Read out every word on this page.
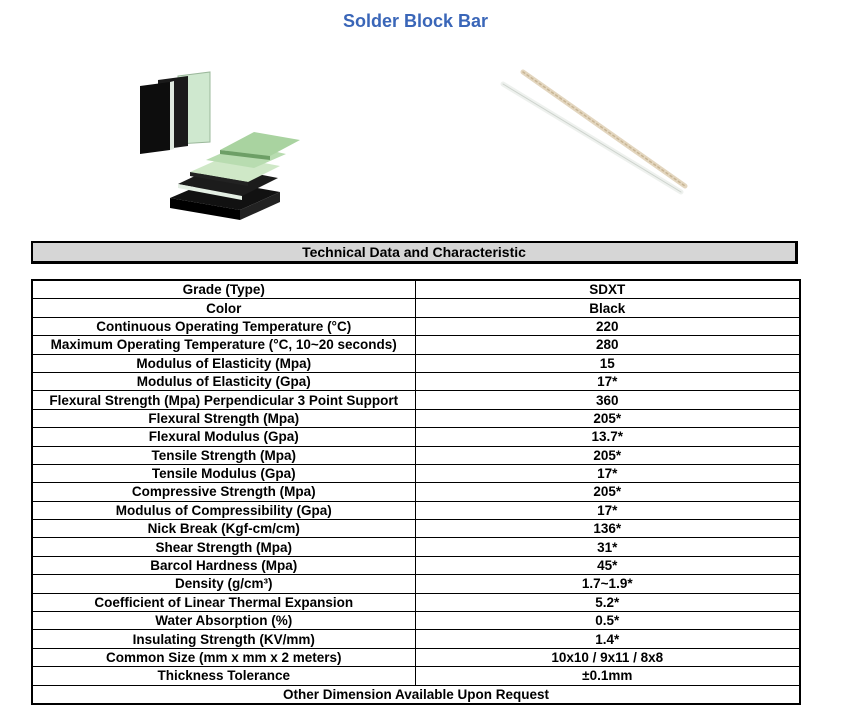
Solder Block Bar
Technical Data and Characteristic
Grade (Type)	SDXT
Color	Black
Continuous Operating Temperature (°C)	220
Maximum Operating Temperature (°C, 10~20 seconds)	280
Modulus of Elasticity (Mpa)	15
Modulus of Elasticity (Gpa)	17*
Flexural Strength (Mpa) Perpendicular 3 Point Support	360
Flexural Strength (Mpa)	205*
Flexural Modulus (Gpa)	13.7*
Tensile Strength (Mpa)	205*
Tensile Modulus (Gpa)	17*
Compressive Strength (Mpa)	205*
Modulus of Compressibility (Gpa)	17*
Nick Break (Kgf-cm/cm)	136*
Shear Strength (Mpa)	31*
Barcol Hardness (Mpa)	45*
Density (g/cm³)	1.7~1.9*
Coefficient of Linear Thermal Expansion	5.2*
Water Absorption (%)	0.5*
Insulating Strength (KV/mm)	1.4*
Common Size (mm x mm x 2 meters)	10x10 / 9x11 / 8x8
Thickness Tolerance	±0.1mm
Other Dimension Available Upon Request	
